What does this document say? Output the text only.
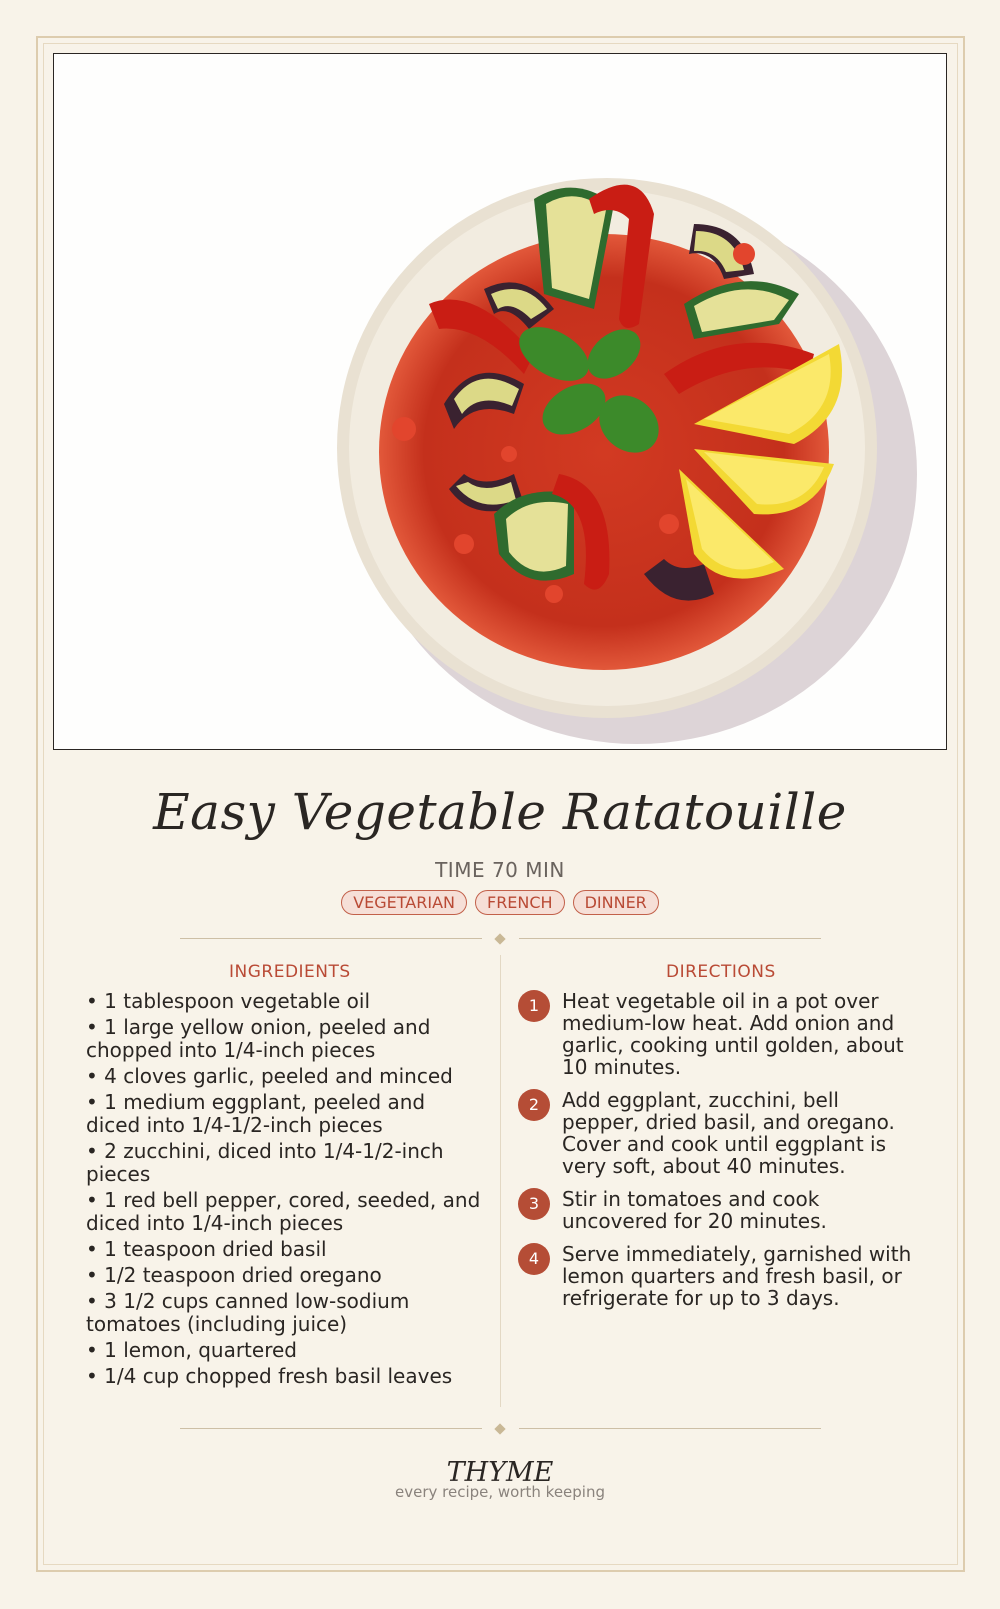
Easy Vegetable Ratatouille
TIME 70 MIN
VEGETARIAN	FRENCH	DINNER
INGREDIENTS	DIRECTIONS
• 1 tablespoon vegetable oil
• 1 large yellow onion, peeled and chopped into 1/4-inch pieces
• 4 cloves garlic, peeled and minced
• 1 medium eggplant, peeled and diced into 1/4-1/2-inch pieces
• 2 zucchini, diced into 1/4-1/2-inch pieces
• 1 red bell pepper, cored, seeded, and diced into 1/4-inch pieces
• 1 teaspoon dried basil
• 1/2 teaspoon dried oregano
• 3 1/2 cups canned low-sodium tomatoes (including juice)
• 1 lemon, quartered
• 1/4 cup chopped fresh basil leaves
1	Heat vegetable oil in a pot over medium-low heat. Add onion and garlic, cooking until golden, about 10 minutes.
2	Add eggplant, zucchini, bell pepper, dried basil, and oregano. Cover and cook until eggplant is very soft, about 40 minutes.
3	Stir in tomatoes and cook uncovered for 20 minutes.
4	Serve immediately, garnished with lemon quarters and fresh basil, or refrigerate for up to 3 days.
THYME
every recipe, worth keeping
